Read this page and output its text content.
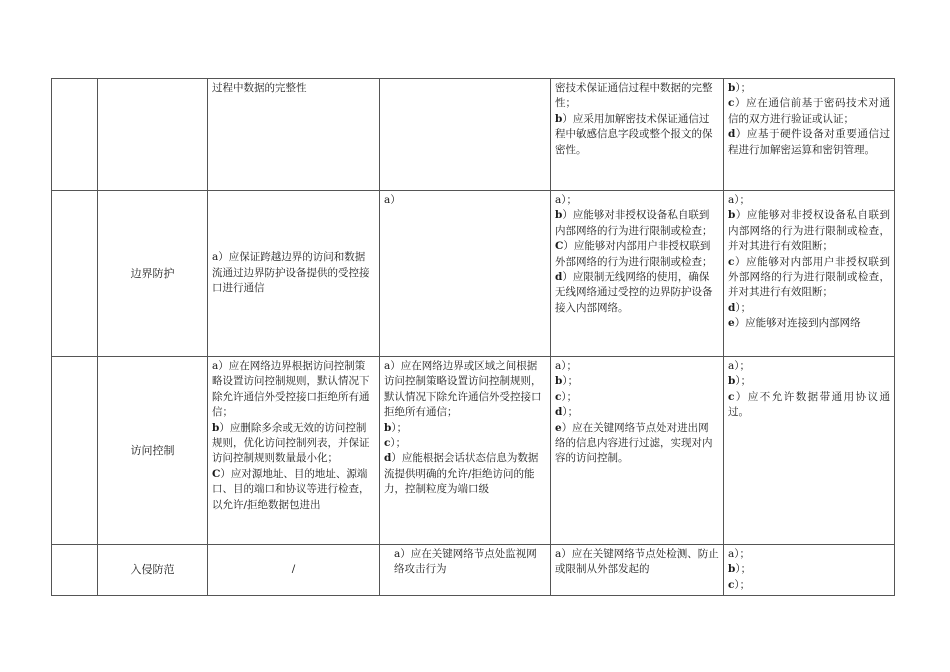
		过程中数据的完整性		密技术保证通信过程中数据的完整性；
b）应采用加解密技术保证通信过程中敏感信息字段或整个报文的保密性。	b）；
c）应在通信前基于密码技术对通信的双方进行验证或认证；
d）应基于硬件设备对重要通信过程进行加解密运算和密钥管理。

	边界防护	a）应保证跨越边界的访问和数据流通过边界防护设备提供的受控接口进行通信	a）	a）；
b）应能够对非授权设备私自联到内部网络的行为进行限制或检查；
C）应能够对内部用户非授权联到外部网络的行为进行限制或检查；
d）应限制无线网络的使用，确保无线网络通过受控的边界防护设备接入内部网络。	a）；
b）应能够对非授权设备私自联到内部网络的行为进行限制或检查，并对其进行有效阻断；
c）应能够对内部用户非授权联到外部网络的行为进行限制或检查，并对其进行有效阻断；
d）；
e）应能够对连接到内部网络

	访问控制	a）应在网络边界根据访问控制策略设置访问控制规则，默认情况下除允许通信外受控接口拒绝所有通信；
b）应删除多余或无效的访问控制规则，优化访问控制列表，并保证访问控制规则数量最小化；
C）应对源地址、目的地址、源端口、目的端口和协议等进行检查，以允许/拒绝数据包进出	a）应在网络边界或区域之间根据访问控制策略设置访问控制规则，默认情况下除允许通信外受控接口拒绝所有通信；
b）；
c）；
d）应能根据会话状态信息为数据流提供明确的允许/拒绝访问的能力，控制粒度为端口级	a）；
b）；
c）；
d）；
e）应在关键网络节点处对进出网络的信息内容进行过滤，实现对内容的访问控制。	a）；
b）；
c）应不允许数据带通用协议通过。

	入侵防范	/	a）应在关键网络节点处监视网络攻击行为	a）应在关键网络节点处检测、防止或限制从外部发起的	a）；
b）；
c）；
